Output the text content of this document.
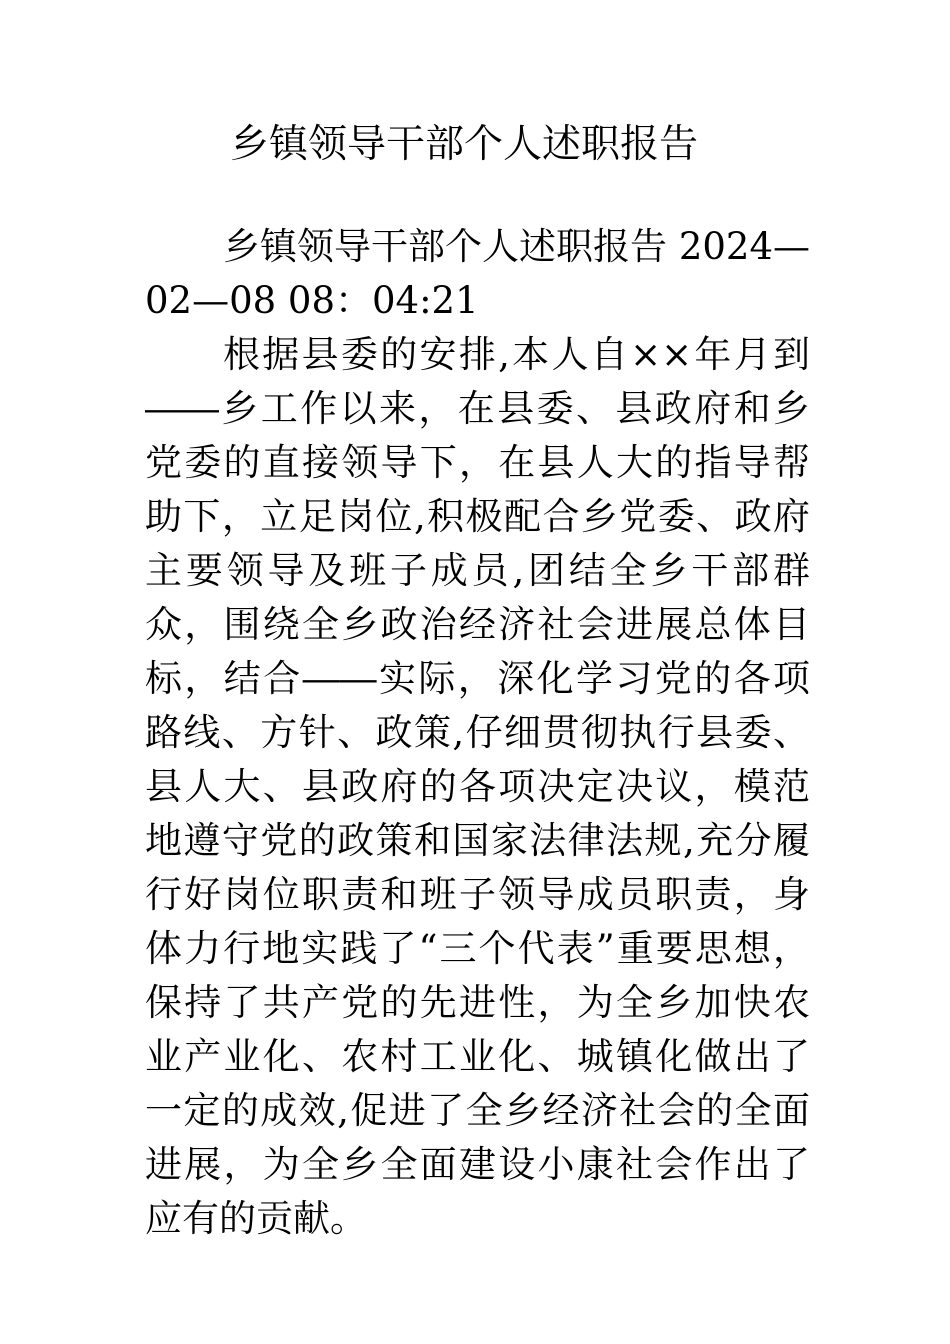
乡镇领导干部个人述职报告

乡镇领导干部个人述职报告 2024—02—08 08：04:21

根据县委的安排,本人自××年月到――乡工作以来，在县委、县政府和乡党委的直接领导下，在县人大的指导帮助下，立足岗位,积极配合乡党委、政府主要领导及班子成员,团结全乡干部群众，围绕全乡政治经济社会进展总体目标，结合――实际，深化学习党的各项路线、方针、政策,仔细贯彻执行县委、县人大、县政府的各项决定决议，模范地遵守党的政策和国家法律法规,充分履行好岗位职责和班子领导成员职责，身体力行地实践了“三个代表”重要思想，保持了共产党的先进性，为全乡加快农业产业化、农村工业化、城镇化做出了一定的成效,促进了全乡经济社会的全面进展，为全乡全面建设小康社会作出了应有的贡献。
